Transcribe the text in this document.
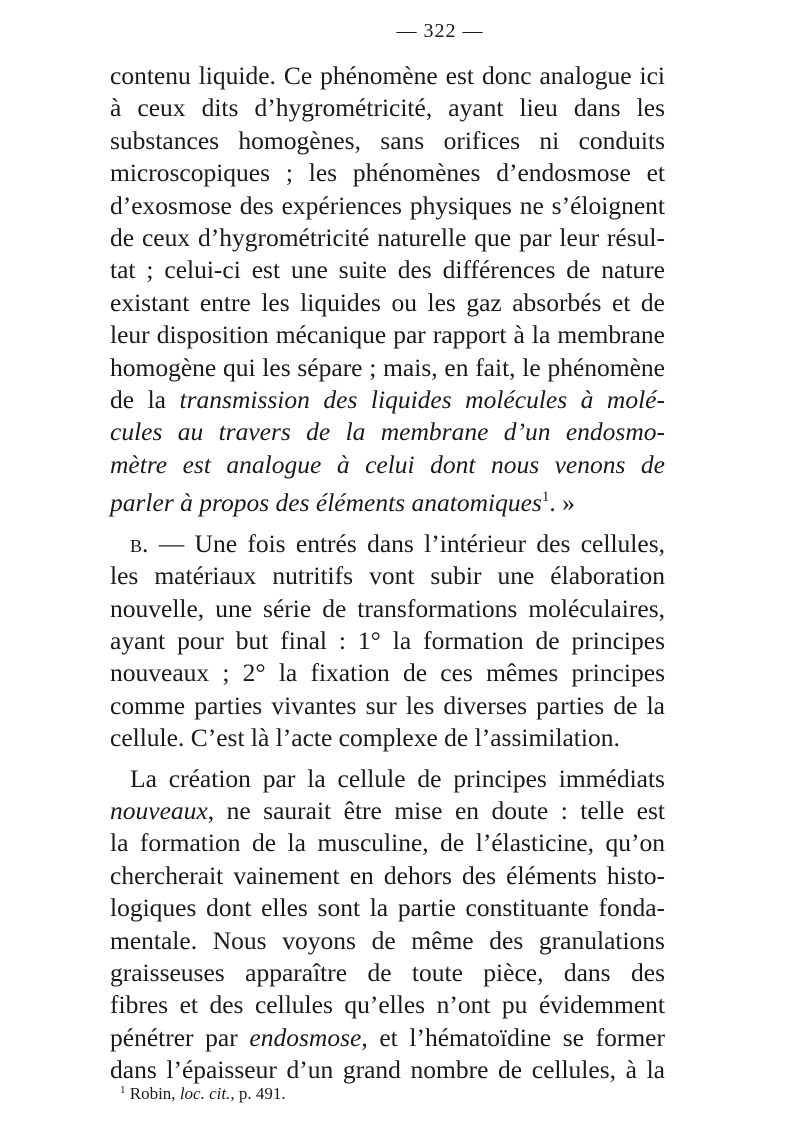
— 322 —
contenu liquide. Ce phénomène est donc analogue ici
à ceux dits d’hygrométricité, ayant lieu dans les
substances homogènes, sans orifices ni conduits
microscopiques ; les phénomènes d’endosmose et
d’exosmose des expériences physiques ne s’éloignent
de ceux d’hygrométricité naturelle que par leur résul-
tat ; celui-ci est une suite des différences de nature
existant entre les liquides ou les gaz absorbés et de
leur disposition mécanique par rapport à la membrane
homogène qui les sépare ; mais, en fait, le phénomène
de la transmission des liquides molécules à molé-
cules au travers de la membrane d’un endosmo-
mètre est analogue à celui dont nous venons de
parler à propos des éléments anatomiques$^1$. »
b. — Une fois entrés dans l’intérieur des cellules,
les matériaux nutritifs vont subir une élaboration
nouvelle, une série de transformations moléculaires,
ayant pour but final : 1° la formation de principes
nouveaux ; 2° la fixation de ces mêmes principes
comme parties vivantes sur les diverses parties de la
cellule. C’est là l’acte complexe de l’assimilation.
La création par la cellule de principes immédiats
nouveaux, ne saurait être mise en doute : telle est
la formation de la musculine, de l’élasticine, qu’on
chercherait vainement en dehors des éléments histo-
logiques dont elles sont la partie constituante fonda-
mentale. Nous voyons de même des granulations
graisseuses apparaître de toute pièce, dans des
fibres et des cellules qu’elles n’ont pu évidemment
pénétrer par endosmose, et l’hématoïdine se former
dans l’épaisseur d’un grand nombre de cellules, à la
$^1$ Robin, loc. cit., p. 491.
